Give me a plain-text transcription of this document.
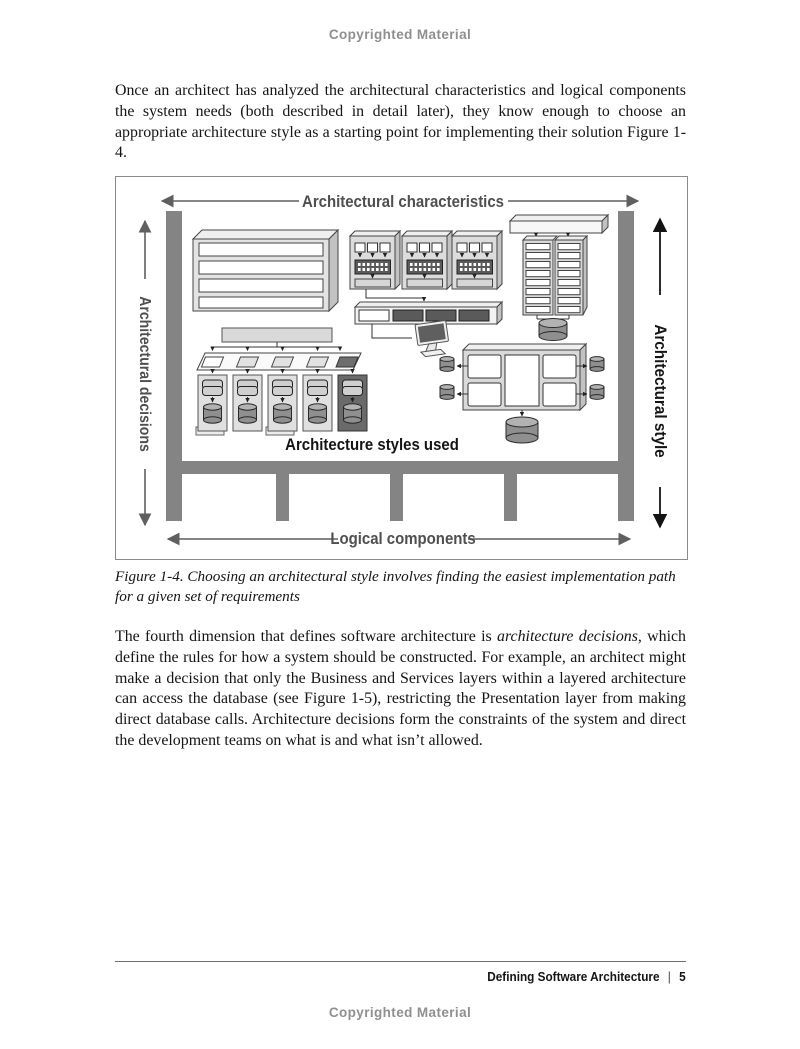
Copyrighted Material

Once an architect has analyzed the architectural characteristics and logical components the system needs (both described in detail later), they know enough to choose an appropriate architecture style as a starting point for implementing their solution Figure 1-4.

Architectural characteristics
Architectural decisions	Architectural style
Logical components
Architecture styles used

Figure 1-4. Choosing an architectural style involves finding the easiest implementation path for a given set of requirements

The fourth dimension that defines software architecture is architecture decisions, which define the rules for how a system should be constructed. For example, an architect might make a decision that only the Business and Services layers within a layered architecture can access the database (see Figure 1-5), restricting the Presentation layer from making direct database calls. Architecture decisions form the constraints of the system and direct the development teams on what is and what isn’t allowed.

Defining Software Architecture | 5
Copyrighted Material
